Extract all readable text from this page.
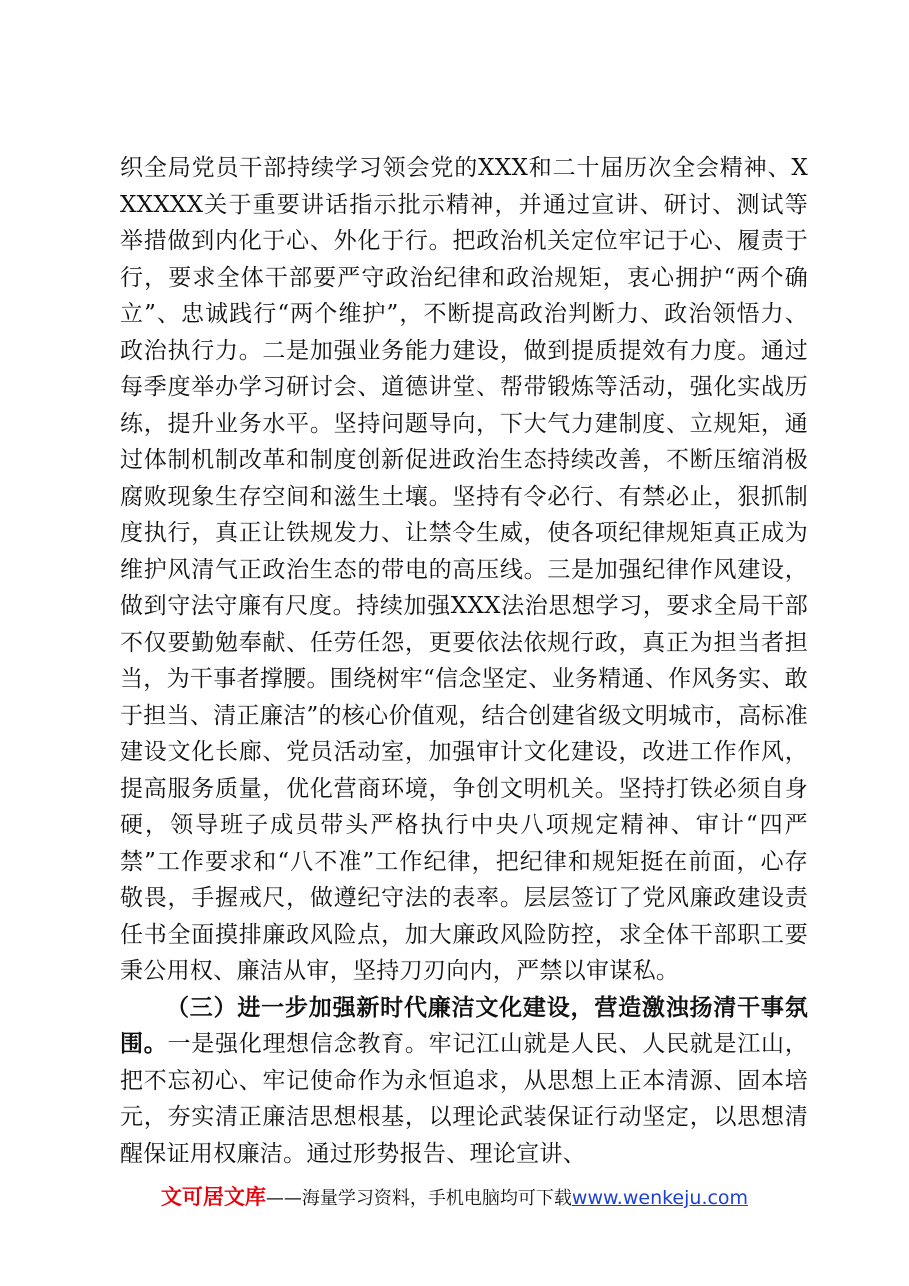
织全局党员干部持续学习领会党的XXX和二十届历次全会精神、XXXXXX关于重要讲话指示批示精神，并通过宣讲、研讨、测试等举措做到内化于心、外化于行。把政治机关定位牢记于心、履责于行，要求全体干部要严守政治纪律和政治规矩，衷心拥护“两个确立”、忠诚践行“两个维护”，不断提高政治判断力、政治领悟力、政治执行力。二是加强业务能力建设，做到提质提效有力度。通过每季度举办学习研讨会、道德讲堂、帮带锻炼等活动，强化实战历练，提升业务水平。坚持问题导向，下大气力建制度、立规矩，通过体制机制改革和制度创新促进政治生态持续改善，不断压缩消极腐败现象生存空间和滋生土壤。坚持有令必行、有禁必止，狠抓制度执行，真正让铁规发力、让禁令生威，使各项纪律规矩真正成为维护风清气正政治生态的带电的高压线。三是加强纪律作风建设，做到守法守廉有尺度。持续加强XXX法治思想学习，要求全局干部不仅要勤勉奉献、任劳任怨，更要依法依规行政，真正为担当者担当，为干事者撑腰。围绕树牢“信念坚定、业务精通、作风务实、敢于担当、清正廉洁”的核心价值观，结合创建省级文明城市，高标准建设文化长廊、党员活动室，加强审计文化建设，改进工作作风，提高服务质量，优化营商环境，争创文明机关。坚持打铁必须自身硬，领导班子成员带头严格执行中央八项规定精神、审计“四严禁”工作要求和“八不准”工作纪律，把纪律和规矩挺在前面，心存敬畏，手握戒尺，做遵纪守法的表率。层层签订了党风廉政建设责任书全面摸排廉政风险点，加大廉政风险防控，求全体干部职工要秉公用权、廉洁从审，坚持刀刃向内，严禁以审谋私。

（三）进一步加强新时代廉洁文化建设，营造激浊扬清干事氛围。一是强化理想信念教育。牢记江山就是人民、人民就是江山，把不忘初心、牢记使命作为永恒追求，从思想上正本清源、固本培元，夯实清正廉洁思想根基，以理论武装保证行动坚定，以思想清醒保证用权廉洁。通过形势报告、理论宣讲、

文可居文库——海量学习资料，手机电脑均可下载www.wenkeju.com
